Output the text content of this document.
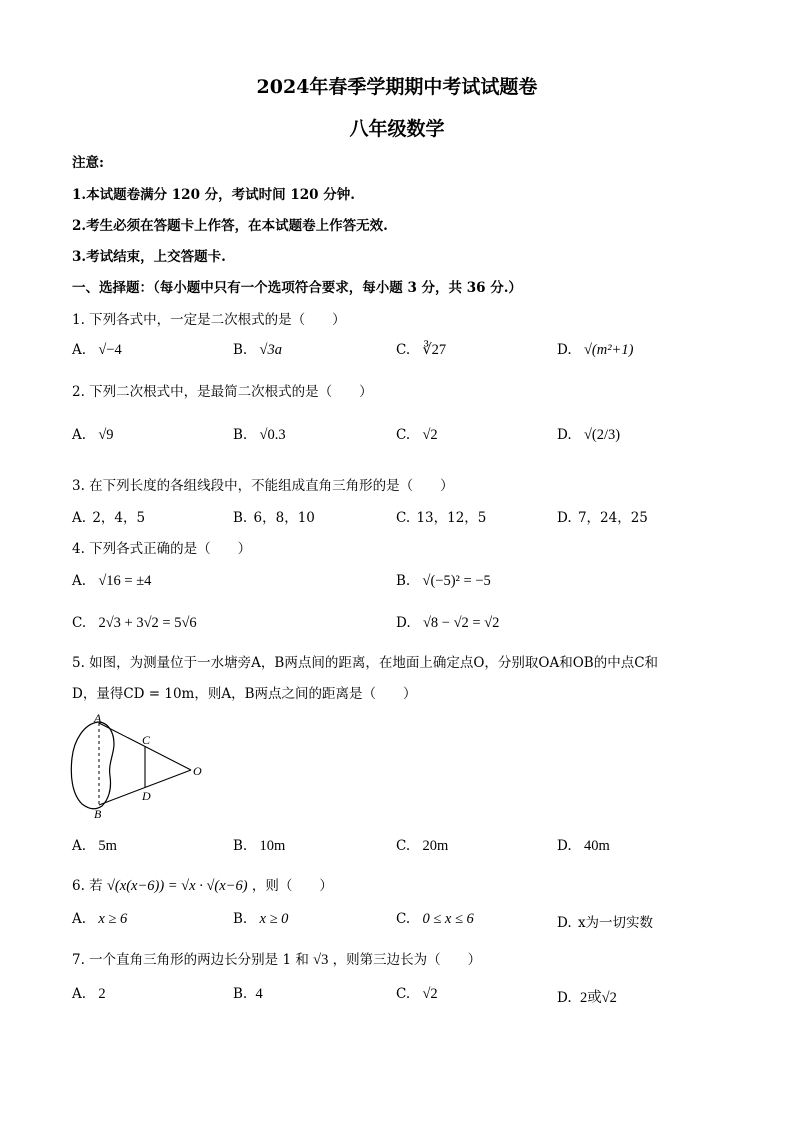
2024年春季学期期中考试试题卷
八年级数学
注意:
1.本试题卷满分 120 分，考试时间 120 分钟.
2.考生必须在答题卡上作答，在本试题卷上作答无效.
3.考试结束，上交答题卡.
一、选择题：（每小题中只有一个选项符合要求，每小题 3 分，共 36 分.）
1. 下列各式中，一定是二次根式的是（　　）
A. √−4	B. √3a	C. ∛27	D. √(m²+1)
2. 下列二次根式中，是最简二次根式的是（　　）
A. √9	B. √0.3	C. √2	D. √(2/3)
3. 在下列长度的各组线段中，不能组成直角三角形的是（　　）
A. 2，4，5	B. 6，8，10	C. 13，12，5	D. 7，24，25
4. 下列各式正确的是（　　）
A. √16 = ±4	B. √(−5)² = −5
C. 2√3 + 3√2 = 5√6	D. √8 − √2 = √2
5. 如图，为测量位于一水塘旁A，B两点间的距离，在地面上确定点O，分别取OA和OB的中点C和
D，量得CD = 10m，则A，B两点之间的距离是（　　）
A
B
C
D
O
A. 5m	B. 10m	C. 20m	D. 40m
6. 若 √(x(x−6)) = √x · √(x−6) ，则（　　）
A. x ≥ 6	B. x ≥ 0	C. 0 ≤ x ≤ 6	D. x为一切实数
7. 一个直角三角形的两边长分别是 1 和 √3 ，则第三边长为（　　）
A. 2	B. 4	C. √2	D. 2或√2
